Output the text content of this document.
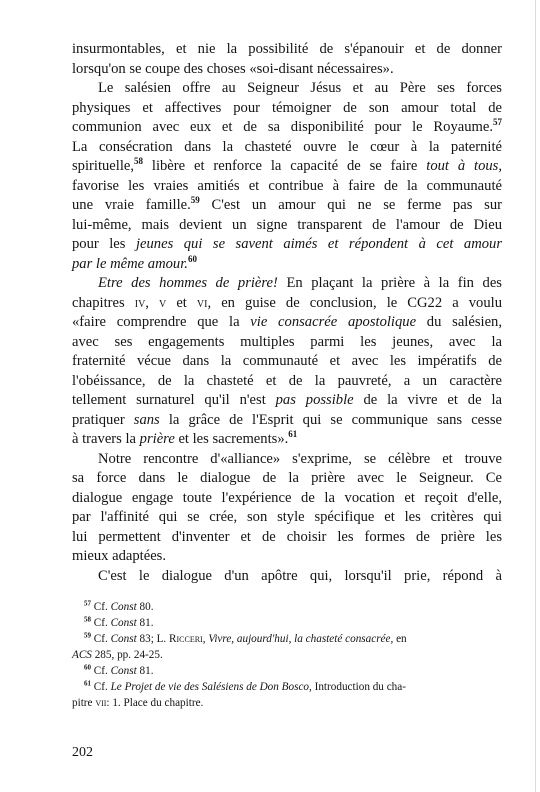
insurmontables, et nie la possibilité de s'épanouir et de donner
lorsqu'on se coupe des choses «soi-disant nécessaires».
Le salésien offre au Seigneur Jésus et au Père ses forces
physiques et affectives pour témoigner de son amour total de
communion avec eux et de sa disponibilité pour le Royaume.$^{57}$
La consécration dans la chasteté ouvre le cœur à la paternité
spirituelle,$^{58}$ libère et renforce la capacité de se faire tout à tous,
favorise les vraies amitiés et contribue à faire de la communauté
une vraie famille.$^{59}$ C'est un amour qui ne se ferme pas sur
lui-même, mais devient un signe transparent de l'amour de Dieu
pour les jeunes qui se savent aimés et répondent à cet amour
par le même amour.$^{60}$
Etre des hommes de prière! En plaçant la prière à la fin des
chapitres iv, v et vi, en guise de conclusion, le CG22 a voulu
«faire comprendre que la vie consacrée apostolique du salésien,
avec ses engagements multiples parmi les jeunes, avec la
fraternité vécue dans la communauté et avec les impératifs de
l'obéissance, de la chasteté et de la pauvreté, a un caractère
tellement surnaturel qu'il n'est pas possible de la vivre et de la
pratiquer sans la grâce de l'Esprit qui se communique sans cesse
à travers la prière et les sacrements».$^{61}$
Notre rencontre d'«alliance» s'exprime, se célèbre et trouve
sa force dans le dialogue de la prière avec le Seigneur. Ce
dialogue engage toute l'expérience de la vocation et reçoit d'elle,
par l'affinité qui se crée, son style spécifique et les critères qui
lui permettent d'inventer et de choisir les formes de prière les
mieux adaptées.
C'est le dialogue d'un apôtre qui, lorsqu'il prie, répond à
$^{57}$ Cf. Const 80.
$^{58}$ Cf. Const 81.
$^{59}$ Cf. Const 83; L. Ricceri, Vivre, aujourd'hui, la chasteté consacrée, en
ACS 285, pp. 24-25.
$^{60}$ Cf. Const 81.
$^{61}$ Cf. Le Projet de vie des Salésiens de Don Bosco, Introduction du cha-
pitre vii: 1. Place du chapitre.
202
